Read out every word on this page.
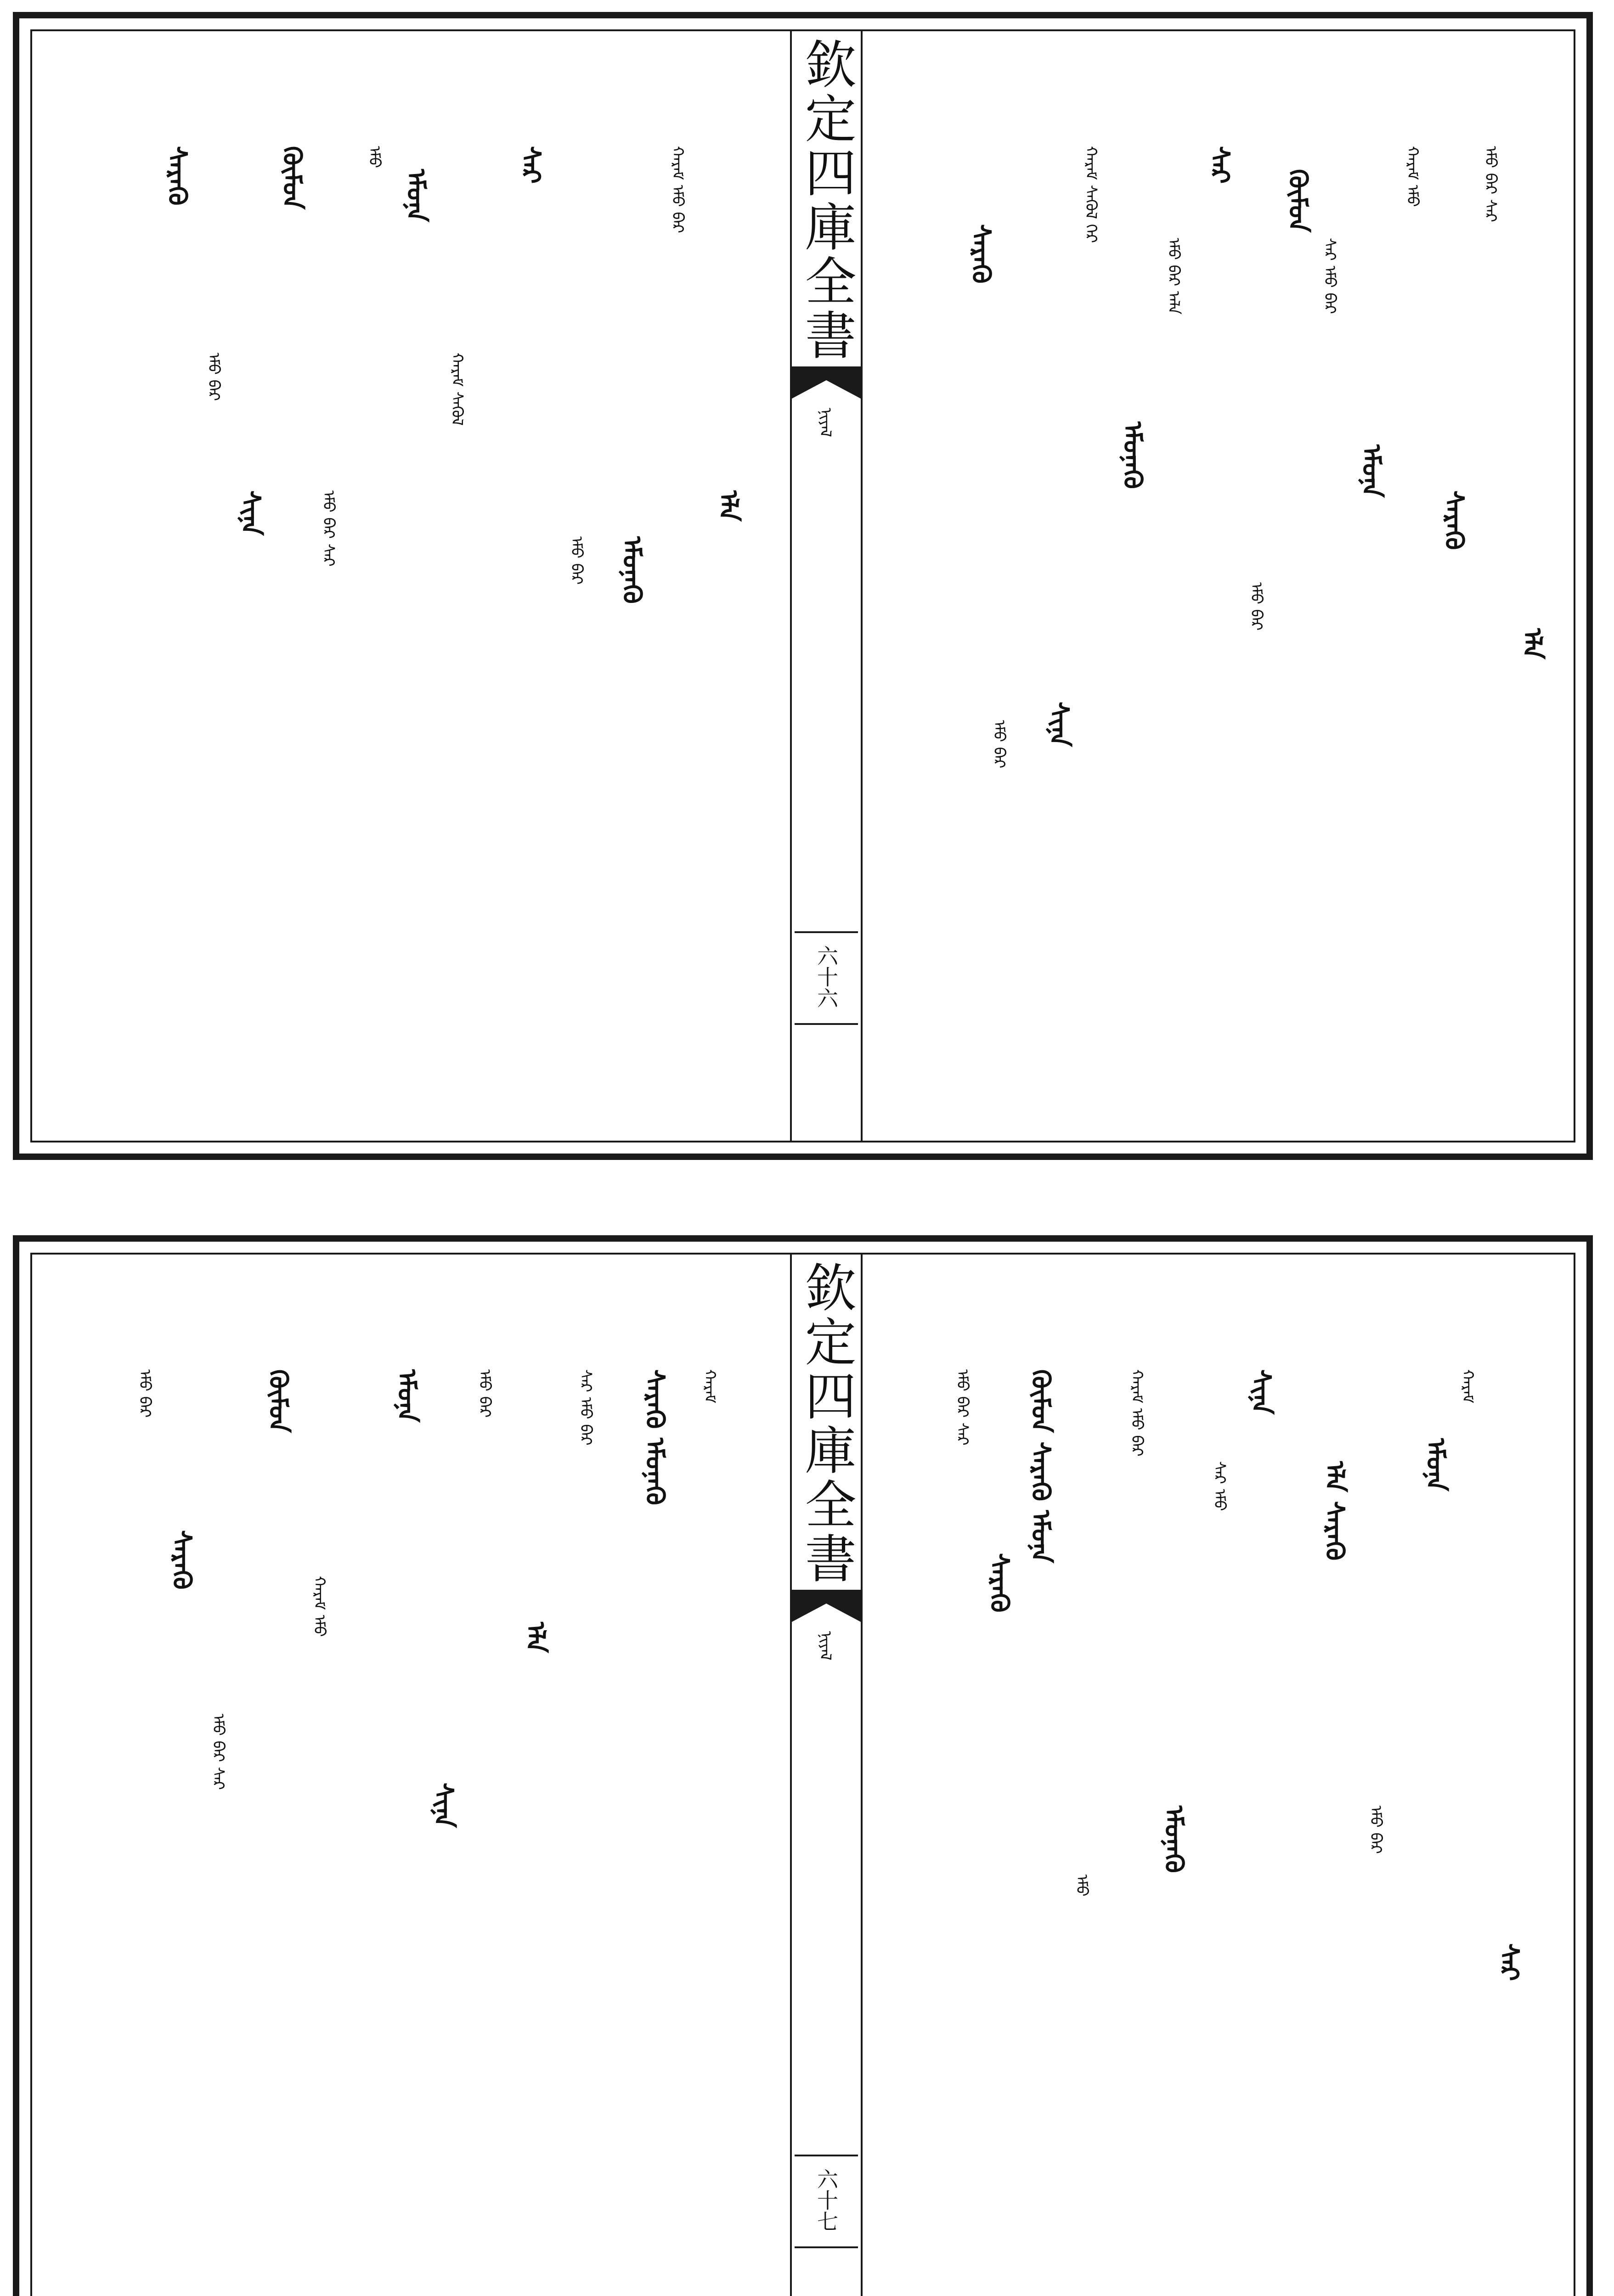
ᠰᠡᠷᠡᠬᠦ
ᠡᠮᠦ ᠪᠡᠷ ᠰᠢᠨᠡ
ᠬᠠᠷᠠᠮ ᠰᠡᠭᠦᠯ ᠭᠡᠷ
ᠡᠮᠦᠨᠡᠬᠦ
ᠡᠮᠦ ᠪᠡᠷ ᠠᠯᠠ
ᠰᠡᠷ
ᠡᠮᠦ ᠪᠡᠷ
ᠬᠦᠮᠦᠨ
ᠰᠡᠷ ᠡᠮᠦ ᠪᠡᠷ
ᠡᠮᠦᠨᠡ
ᠬᠠᠷᠠᠮ ᠡᠮᠦ
ᠰᠡᠷᠡᠬᠦ
ᠡᠮᠦ ᠪᠡᠷ ᠰᠡᠷ
ᠡᠯᠡ
欽定四庫全書
ᠨᠢᠶᠠᠯ
六十六
ᠰᠡᠷᠡᠬᠦ
ᠡᠮᠦ ᠪᠡᠷ
ᠰᠢᠨᠡ
ᠬᠦᠮᠦᠨ
ᠡᠮᠦ ᠪᠡᠷ ᠰᠡᠷ
ᠡᠮᠦ
ᠡᠮᠦᠨᠡ
ᠬᠠᠷᠠᠮ ᠰᠡᠭᠦᠯ
ᠰᠡᠷ
ᠡᠮᠦ ᠪᠡᠷ ᠡᠮᠦᠨᠡᠬᠦ
ᠬᠠᠷᠠᠮ ᠡᠮᠦ ᠪᠡᠷ
ᠡᠯᠡ
ᠡᠮᠦ ᠪᠡᠷ ᠰᠡᠷ
ᠰᠡᠷᠡᠬᠦ
ᠬᠦᠮᠦᠨ ᠰᠡᠷᠡᠬᠦ ᠡᠮᠦᠨᠡ
ᠡᠮᠦ
ᠬᠠᠷᠠᠮ ᠡᠮᠦ ᠪᠡᠷ
ᠡᠮᠦᠨᠡᠬᠦ
ᠰᠡᠷ ᠡᠮᠦ
ᠰᠢᠨᠡ
ᠡᠯᠡ ᠰᠡᠷᠡᠬᠦ
ᠡᠮᠦ ᠪᠡᠷ
ᠡᠮᠦᠨᠡ
ᠬᠠᠷᠠᠮ
ᠰᠡᠷ
欽定四庫全書
ᠨᠢᠶᠠᠯ
六十七
ᠡᠮᠦ ᠪᠡᠷ
ᠰᠡᠷᠡᠬᠦ
ᠡᠮᠦ ᠪᠡᠷ ᠰᠡᠷ
ᠬᠦᠮᠦᠨ
ᠬᠠᠷᠠᠮ ᠡᠮᠦ
ᠡᠮᠦᠨᠡ
ᠰᠢᠨᠡ
ᠡᠮᠦ ᠪᠡᠷ
ᠡᠯᠡ
ᠰᠡᠷ ᠡᠮᠦ ᠪᠡᠷ ᠰᠡᠷᠡᠬᠦ ᠡᠮᠦᠨᠡᠬᠦ ᠬᠠᠷᠠᠮ
